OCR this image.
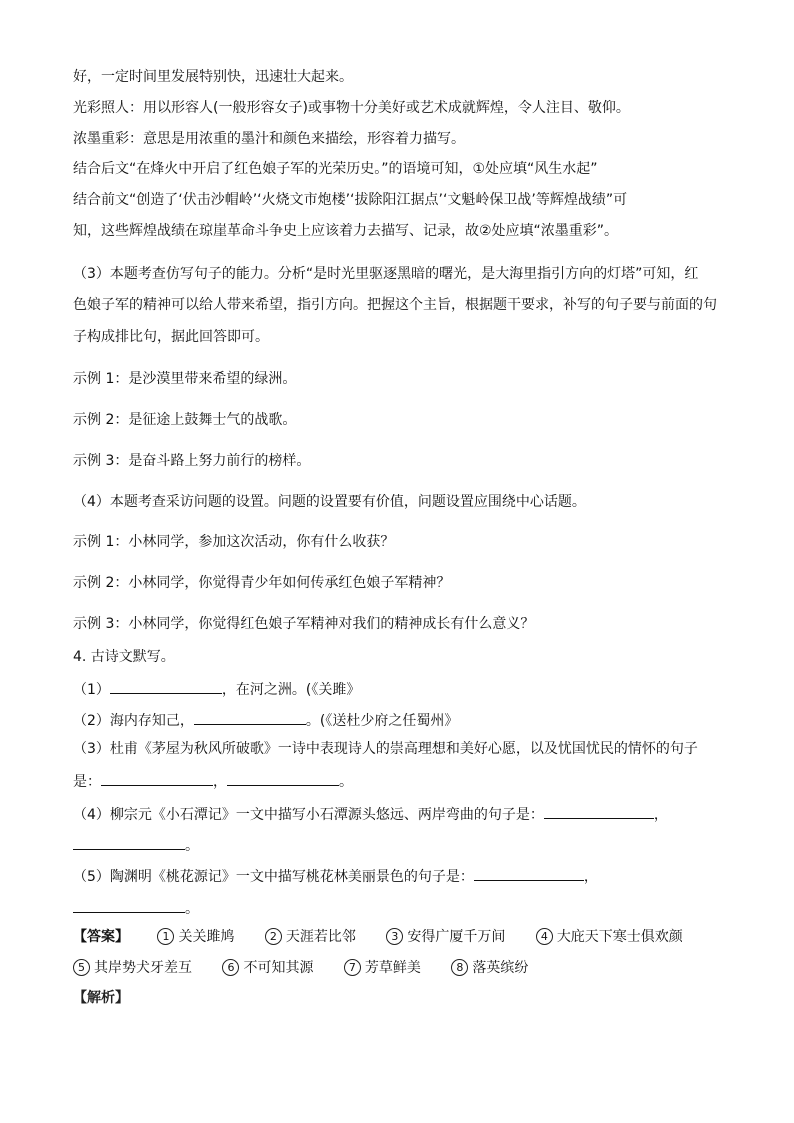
好，一定时间里发展特别快，迅速壮大起来。
光彩照人：用以形容人(一般形容女子)或事物十分美好或艺术成就辉煌，令人注目、敬仰。
浓墨重彩：意思是用浓重的墨汁和颜色来描绘，形容着力描写。
结合后文“在烽火中开启了红色娘子军的光荣历史。”的语境可知，①处应填“风生水起”
结合前文“创造了‘伏击沙帽岭’‘火烧文市炮楼’‘拔除阳江据点’‘文魁岭保卫战’等辉煌战绩”可
知，这些辉煌战绩在琼崖革命斗争史上应该着力去描写、记录，故②处应填“浓墨重彩”。
（3）本题考查仿写句子的能力。分析“是时光里驱逐黑暗的曙光，是大海里指引方向的灯塔”可知，红
色娘子军的精神可以给人带来希望，指引方向。把握这个主旨，根据题干要求，补写的句子要与前面的句
子构成排比句，据此回答即可。
示例 1：是沙漠里带来希望的绿洲。
示例 2：是征途上鼓舞士气的战歌。
示例 3：是奋斗路上努力前行的榜样。
（4）本题考查采访问题的设置。问题的设置要有价值，问题设置应围绕中心话题。
示例 1：小林同学，参加这次活动，你有什么收获？
示例 2：小林同学，你觉得青少年如何传承红色娘子军精神？
示例 3：小林同学，你觉得红色娘子军精神对我们的精神成长有什么意义？
4. 古诗文默写。
（1）	，在河之洲。(《关雎》
（2）海内存知己，	。(《送杜少府之任蜀州》
（3）杜甫《茅屋为秋风所破歌》一诗中表现诗人的崇高理想和美好心愿，以及忧国忧民的情怀的句子
是：	，	。
（4）柳宗元《小石潭记》一文中描写小石潭源头悠远、两岸弯曲的句子是：	，
。
（5）陶渊明《桃花源记》一文中描写桃花林美丽景色的句子是：	，
。
【答案】	1 关关雎鸠	2 天涯若比邻	3 安得广厦千万间	4 大庇天下寒士俱欢颜
5 其岸势犬牙差互	6 不可知其源	7 芳草鲜美	8 落英缤纷
【解析】
